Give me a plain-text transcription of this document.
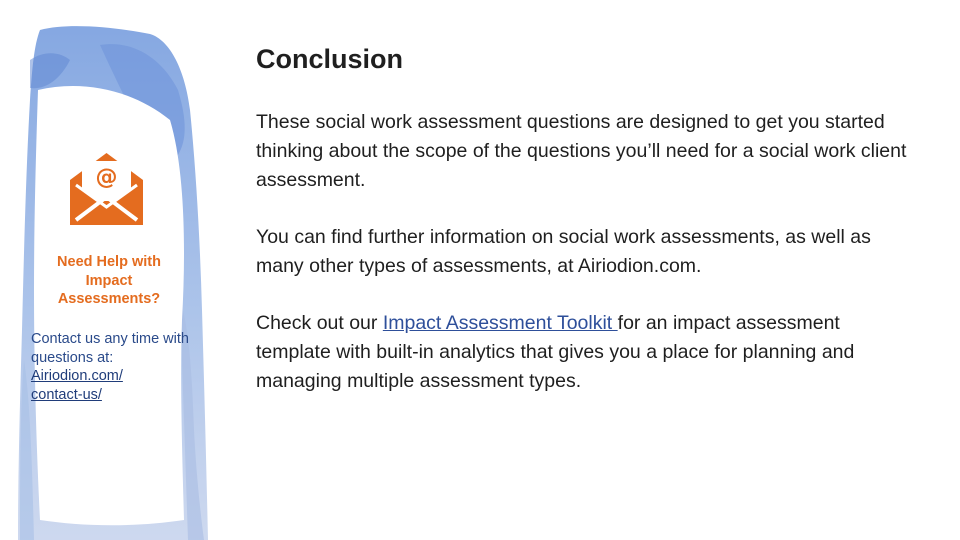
@
Need Help with Impact Assessments?
Contact us any time with questions at:
Airiodion.com/
contact-us/
Conclusion

These social work assessment questions are designed to get you started thinking about the scope of the questions you’ll need for a social work client assessment.

You can find further information on social work assessments, as well as many other types of assessments, at Airiodion.com.

Check out our Impact Assessment Toolkit for an impact assessment template with built-in analytics that gives you a place for planning and managing multiple assessment types.
